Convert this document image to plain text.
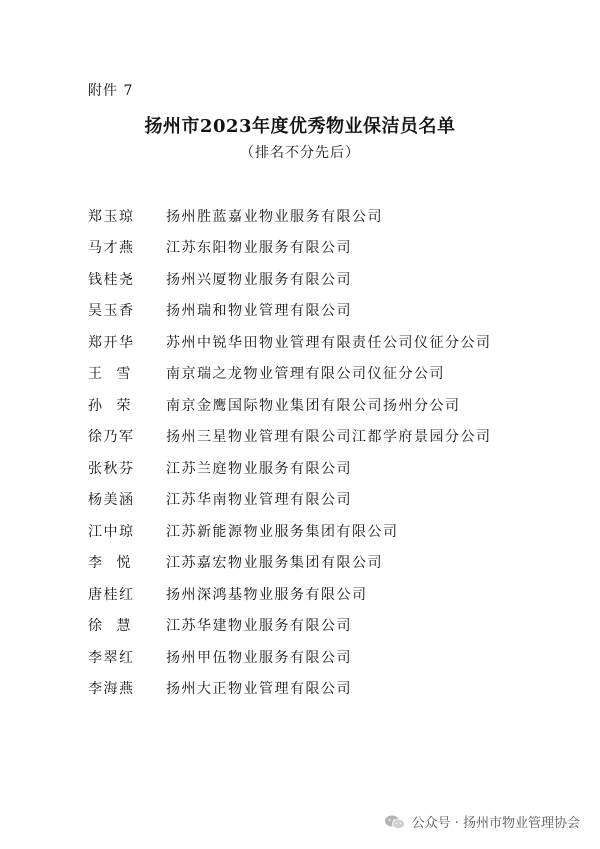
附件 7
扬州市2023年度优秀物业保洁员名单
（排名不分先后）
郑玉琼	扬州胜蓝嘉业物业服务有限公司
马才燕	江苏东阳物业服务有限公司
钱桂尧	扬州兴厦物业服务有限公司
吴玉香	扬州瑞和物业管理有限公司
郑开华	苏州中锐华田物业管理有限责任公司仪征分公司
王雪	南京瑞之龙物业管理有限公司仪征分公司
孙荣	南京金鹰国际物业集团有限公司扬州分公司
徐乃军	扬州三星物业管理有限公司江都学府景园分公司
张秋芬	江苏兰庭物业服务有限公司
杨美涵	江苏华南物业管理有限公司
江中琼	江苏新能源物业服务集团有限公司
李悦	江苏嘉宏物业服务集团有限公司
唐桂红	扬州深鸿基物业服务有限公司
徐慧	江苏华建物业服务有限公司
李翠红	扬州甲伍物业服务有限公司
李海燕	扬州大正物业管理有限公司
公众号 · 扬州市物业管理协会
